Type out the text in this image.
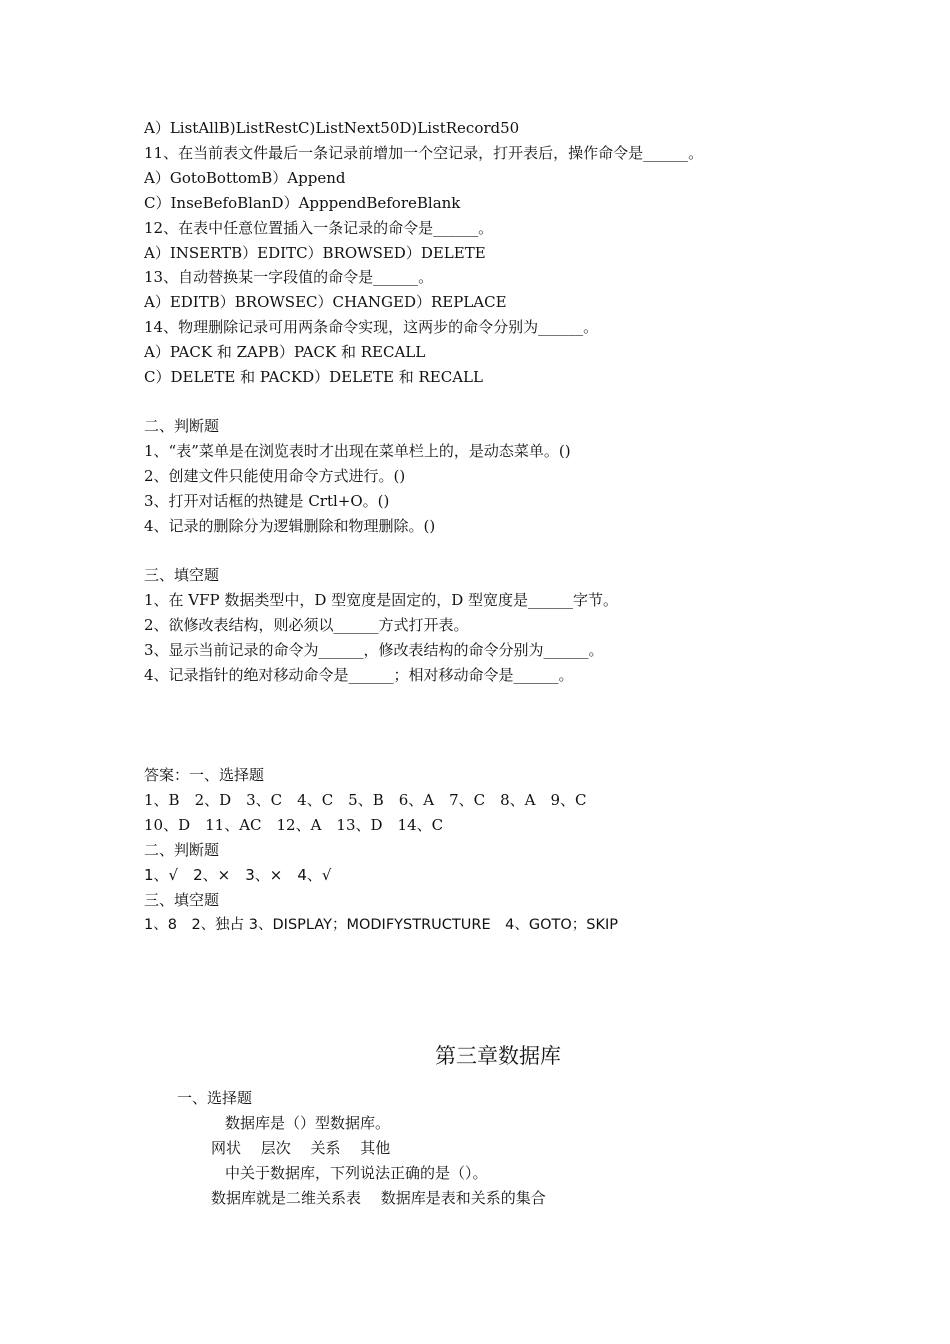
A）ListAllB)ListRestC)ListNext50D)ListRecord50
11、在当前表文件最后一条记录前增加一个空记录，打开表后，操作命令是______。
A）GotoBottomB）Append
C）InseBefoBlanD）ApppendBeforeBlank
12、在表中任意位置插入一条记录的命令是______。
A）INSERTB）EDITC）BROWSED）DELETE
13、自动替换某一字段值的命令是______。
A）EDITB）BROWSEC）CHANGED）REPLACE
14、物理删除记录可用两条命令实现，这两步的命令分别为______。
A）PACK 和 ZAPB）PACK 和 RECALL
C）DELETE 和 PACKD）DELETE 和 RECALL
二、判断题
1、“表”菜单是在浏览表时才出现在菜单栏上的，是动态菜单。()
2、创建文件只能使用命令方式进行。()
3、打开对话框的热键是 Crtl+O。()
4、记录的删除分为逻辑删除和物理删除。()
三、填空题
1、在 VFP 数据类型中，D 型宽度是固定的，D 型宽度是______字节。
2、欲修改表结构，则必须以______方式打开表。
3、显示当前记录的命令为______，修改表结构的命令分别为______。
4、记录指针的绝对移动命令是______；相对移动命令是______。
答案：一、选择题
1、B　2、D　3、C　4、C　5、B　6、A　7、C　8、A　9、C
10、D　11、AC　12、A　13、D　14、C
二、判断题
1、√　2、×　3、×　4、√
三、填空题
1、8　2、独占 3、DISPLAY；MODIFYSTRUCTURE　4、GOTO；SKIP
第三章数据库
一、选择题
数据库是（）型数据库。
网状　 层次　 关系　 其他
中关于数据库，下列说法正确的是（）。
数据库就是二维关系表　 数据库是表和关系的集合
